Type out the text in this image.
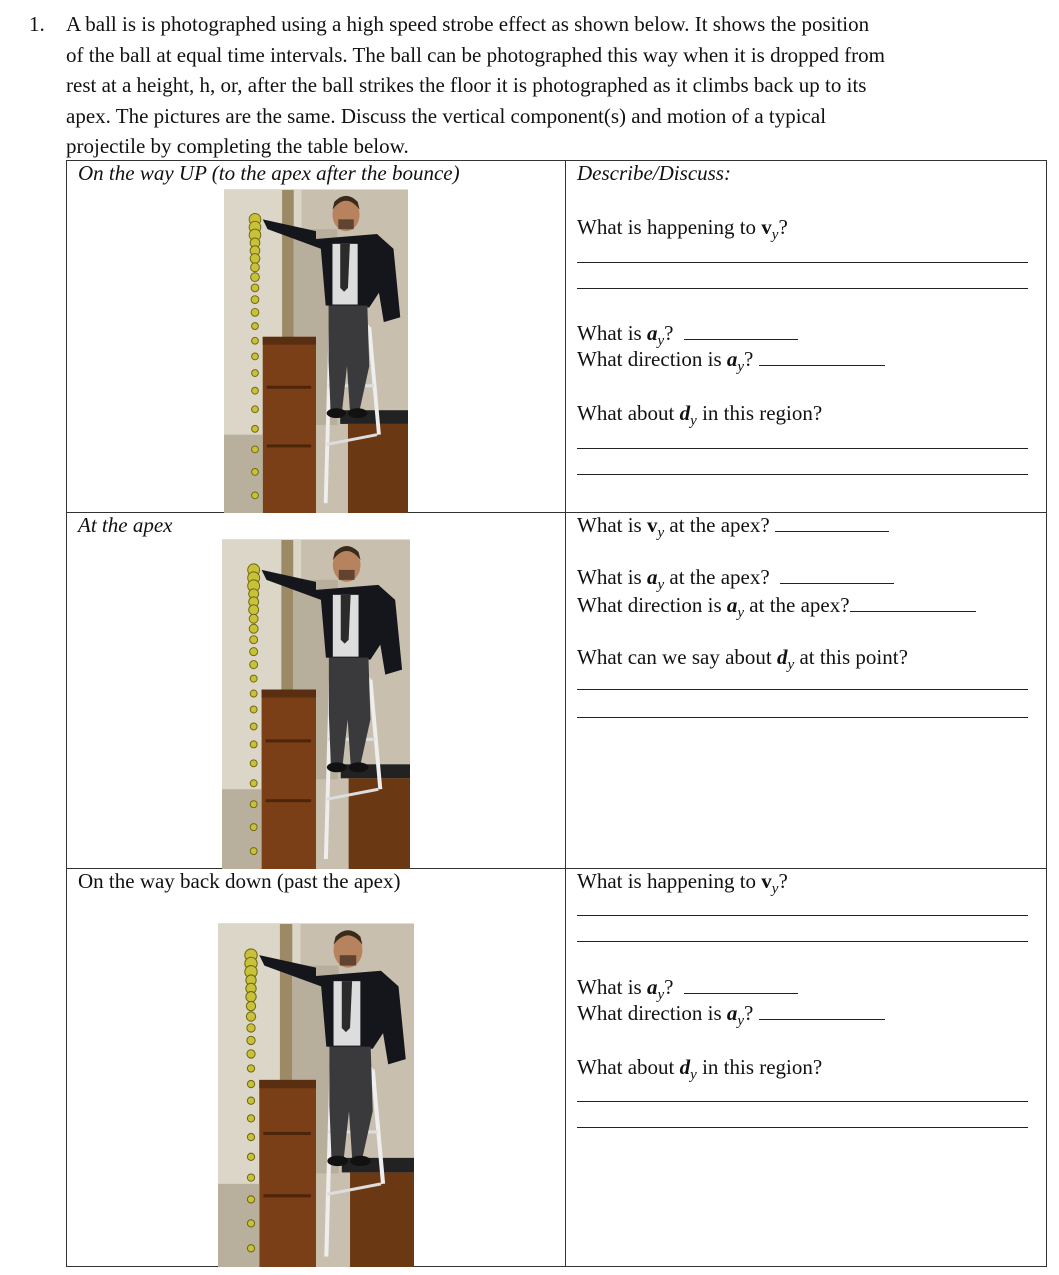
1. A ball is is photographed using a high speed strobe effect as shown below. It shows the position
of the ball at equal time intervals. The ball can be photographed this way when it is dropped from
rest at a height, h, or, after the ball strikes the floor it is photographed as it climbs back up to its
apex. The pictures are the same. Discuss the vertical component(s) and motion of a typical
projectile by completing the table below.
On the way UP (to the apex after the bounce)	Describe/Discuss:
What is happening to $v_y$?
What is $a_y$?
What direction is $a_y$?
What about $d_y$ in this region?

At the apex	What is $v_y$ at the apex?
What is $a_y$ at the apex?
What direction is $a_y$ at the apex?
What can we say about $d_y$ at this point?

On the way back down (past the apex)	What is happening to $v_y$?
What is $a_y$?
What direction is $a_y$?
What about $d_y$ in this region?
